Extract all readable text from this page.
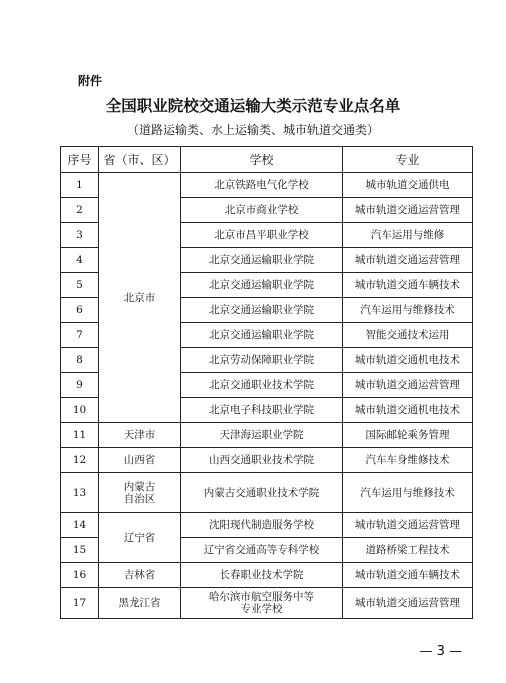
附件
全国职业院校交通运输大类示范专业点名单
（道路运输类、水上运输类、城市轨道交通类）
序号	省（市、区）	学校	专业
1	北京市	北京铁路电气化学校	城市轨道交通供电
2		北京市商业学校	城市轨道交通运营管理
3		北京市昌平职业学校	汽车运用与维修
4		北京交通运输职业学院	城市轨道交通运营管理
5		北京交通运输职业学院	城市轨道交通车辆技术
6		北京交通运输职业学院	汽车运用与维修技术
7		北京交通运输职业学院	智能交通技术运用
8		北京劳动保障职业学院	城市轨道交通机电技术
9		北京交通职业技术学院	城市轨道交通运营管理
10		北京电子科技职业学院	城市轨道交通机电技术
11	天津市	天津海运职业学院	国际邮轮乘务管理
12	山西省	山西交通职业技术学院	汽车车身维修技术
13	内蒙古
自治区	内蒙古交通职业技术学院	汽车运用与维修技术
14	辽宁省	沈阳现代制造服务学校	城市轨道交通运营管理
15		辽宁省交通高等专科学校	道路桥梁工程技术
16	吉林省	长春职业技术学院	城市轨道交通车辆技术
17	黑龙江省	哈尔滨市航空服务中等
专业学校	城市轨道交通运营管理
— 3 —
